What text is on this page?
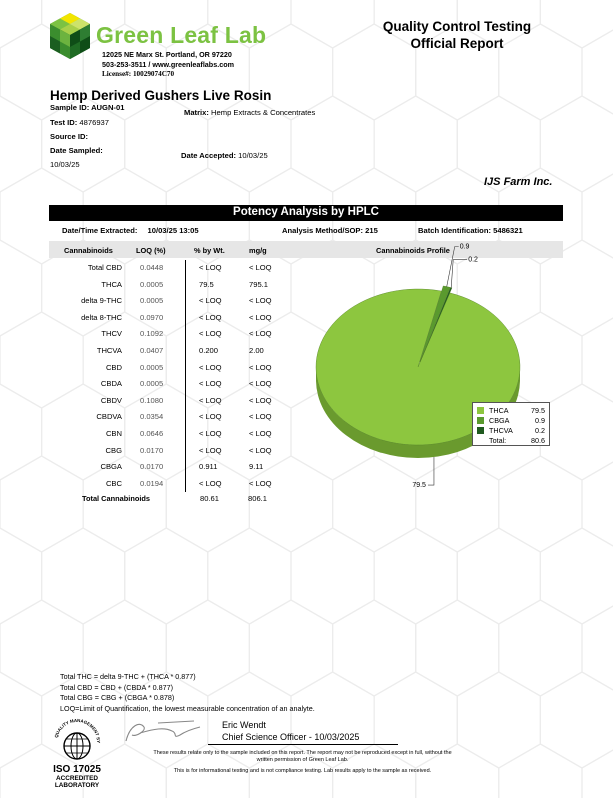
Green Leaf Lab
12025 NE Marx St. Portland, OR 97220
503-253-3511 / www.greenleaflabs.com
License#: 10029074C70
Quality Control Testing
Official Report
Hemp Derived Gushers Live Rosin
Sample ID: AUGN-01
Matrix: Hemp Extracts & Concentrates
Test ID: 4876937
Source ID:
Date Sampled:
10/03/25
Date Accepted: 10/03/25
IJS Farm Inc.
Potency Analysis by HPLC
Date/Time Extracted: 10/03/25 13:05	Analysis Method/SOP: 215	Batch Identification: 5486321
Cannabinoids	LOQ (%)	% by Wt.	mg/g	Cannabinoids Profile
Total CBD 0.0448	< LOQ	< LOQ
THCA 0.0005	79.5	795.1
delta 9-THC 0.0005	< LOQ	< LOQ
delta 8-THC 0.0970	< LOQ	< LOQ
THCV 0.1092	< LOQ	< LOQ
THCVA 0.0407	0.200	2.00
CBD 0.0005	< LOQ	< LOQ
CBDA 0.0005	< LOQ	< LOQ
CBDV 0.1080	< LOQ	< LOQ
CBDVA 0.0354	< LOQ	< LOQ
CBN 0.0646	< LOQ	< LOQ
CBG 0.0170	< LOQ	< LOQ
CBGA 0.0170	0.911	9.11
CBC 0.0194	< LOQ	< LOQ
Total Cannabinoids	80.61	806.1
0.9
0.2
79.5
THCA	79.5
CBGA	0.9
THCVA	0.2
Total:	80.6
Total THC = delta 9-THC + (THCA * 0.877)
Total CBD = CBD + (CBDA * 0.877)
Total CBG = CBG + (CBGA * 0.878)
LOQ=Limit of Quantification, the lowest measurable concentration of an analyte.
QUALITY MANAGEMENT SY
ISO 17025
ACCREDITED
LABORATORY
Eric Wendt
Chief Science Officer - 10/03/2025
These results relate only to the sample included on this report. The report may not be reproduced except in full, without the
written permission of Green Leaf Lab.
This is for informational testing and is not compliance testing. Lab results apply to the sample as received.
